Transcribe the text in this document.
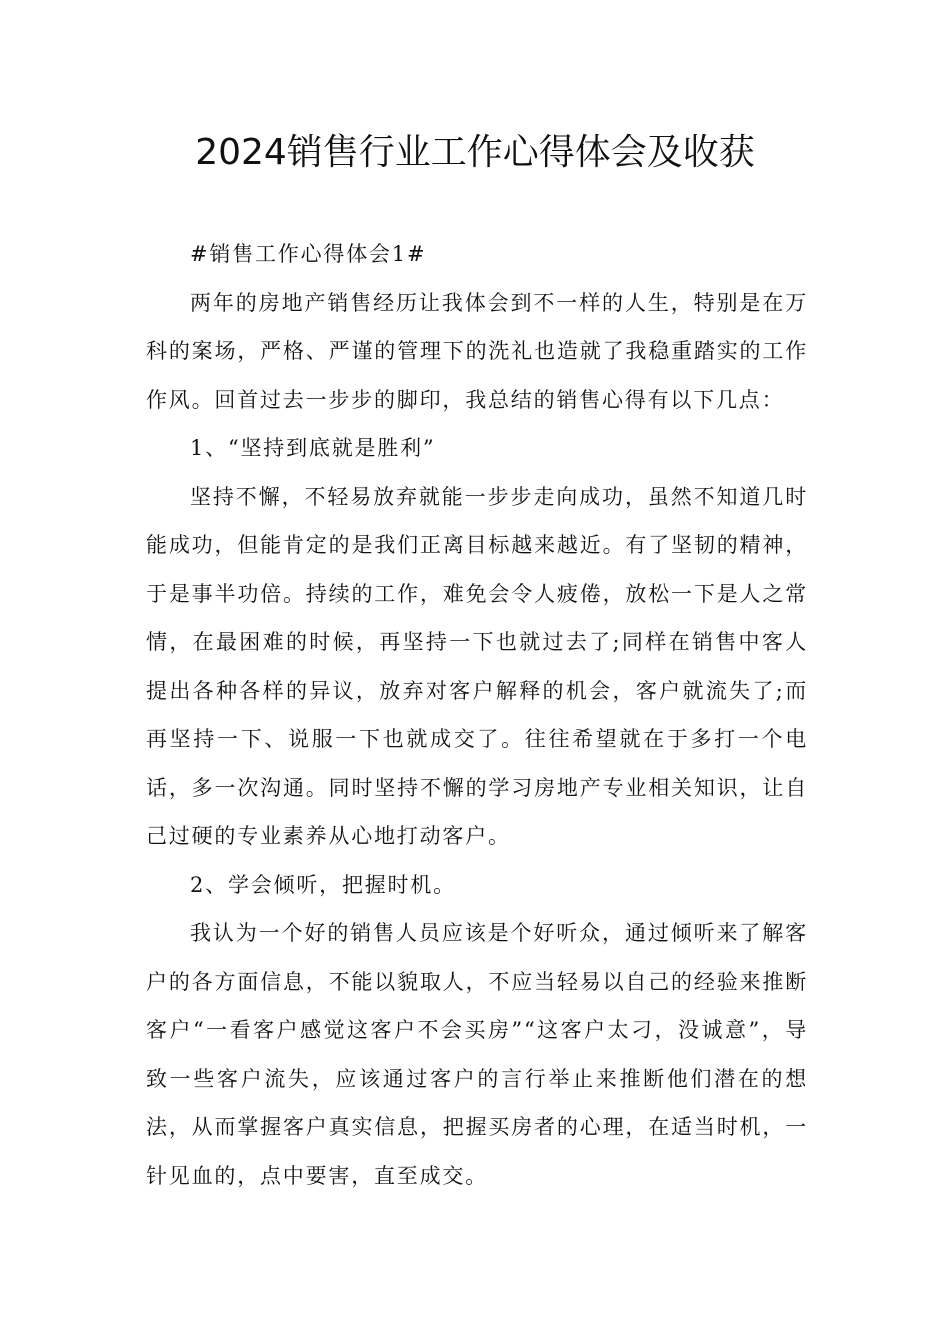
2024销售行业工作心得体会及收获

#销售工作心得体会1#

两年的房地产销售经历让我体会到不一样的人生，特别是在万科的案场，严格、严谨的管理下的洗礼也造就了我稳重踏实的工作作风。回首过去一步步的脚印，我总结的销售心得有以下几点：

1、“坚持到底就是胜利”

坚持不懈，不轻易放弃就能一步步走向成功，虽然不知道几时能成功，但能肯定的是我们正离目标越来越近。有了坚韧的精神，于是事半功倍。持续的工作，难免会令人疲倦，放松一下是人之常情，在最困难的时候，再坚持一下也就过去了;同样在销售中客人提出各种各样的异议，放弃对客户解释的机会，客户就流失了;而再坚持一下、说服一下也就成交了。往往希望就在于多打一个电话，多一次沟通。同时坚持不懈的学习房地产专业相关知识，让自己过硬的专业素养从心地打动客户。

2、学会倾听，把握时机。

我认为一个好的销售人员应该是个好听众，通过倾听来了解客户的各方面信息，不能以貌取人，不应当轻易以自己的经验来推断客户“一看客户感觉这客户不会买房”“这客户太刁，没诚意”，导致一些客户流失，应该通过客户的言行举止来推断他们潜在的想法，从而掌握客户真实信息，把握买房者的心理，在适当时机，一针见血的，点中要害，直至成交。
